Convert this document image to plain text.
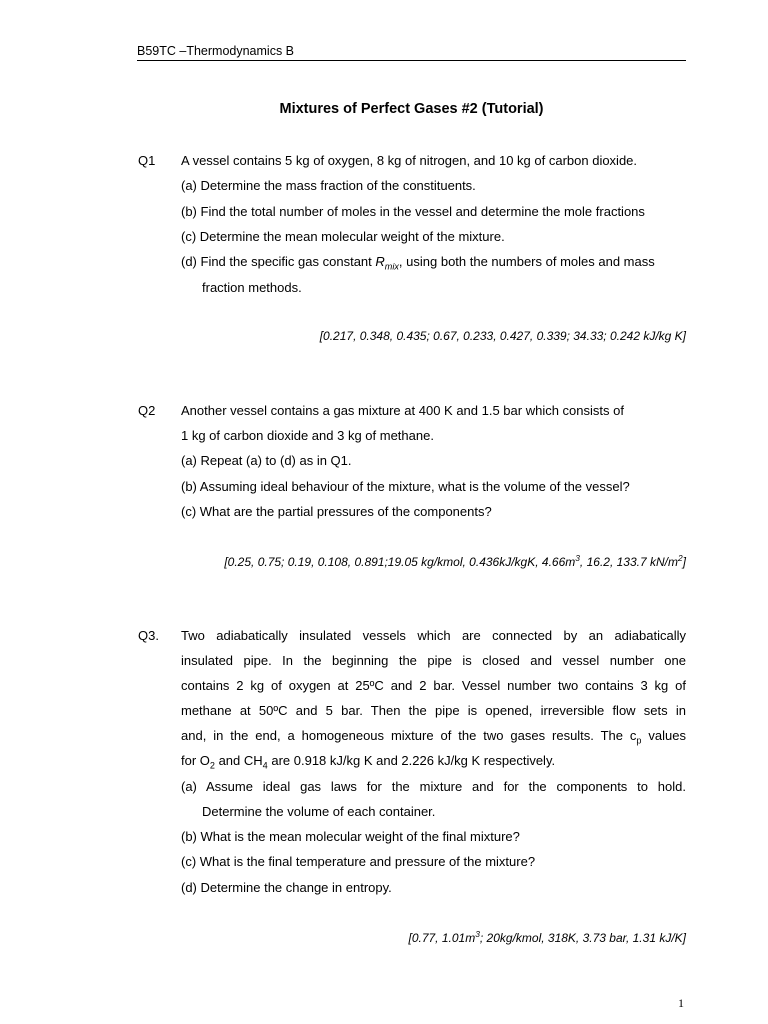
B59TC –Thermodynamics B
Mixtures of Perfect Gases #2 (Tutorial)
Q1 A vessel contains 5 kg of oxygen, 8 kg of nitrogen, and 10 kg of carbon dioxide.
(a) Determine the mass fraction of the constituents.
(b) Find the total number of moles in the vessel and determine the mole fractions
(c) Determine the mean molecular weight of the mixture.
(d) Find the specific gas constant $R_{mix}$, using both the numbers of moles and mass
fraction methods.
[0.217, 0.348, 0.435; 0.67, 0.233, 0.427, 0.339; 34.33; 0.242 kJ/kg K]
Q2 Another vessel contains a gas mixture at 400 K and 1.5 bar which consists of
1 kg of carbon dioxide and 3 kg of methane.
(a) Repeat (a) to (d) as in Q1.
(b) Assuming ideal behaviour of the mixture, what is the volume of the vessel?
(c) What are the partial pressures of the components?
[0.25, 0.75; 0.19, 0.108, 0.891;19.05 kg/kmol, 0.436kJ/kgK, $4.66m^3$, 16.2, 133.7 $kN/m^2$]
Q3. Two adiabatically insulated vessels which are connected by an adiabatically
insulated pipe. In the beginning the pipe is closed and vessel number one
contains 2 kg of oxygen at 25ºC and 2 bar. Vessel number two contains 3 kg of
methane at 50ºC and 5 bar. Then the pipe is opened, irreversible flow sets in
and, in the end, a homogeneous mixture of the two gases results. The $c_p$ values
for $O_2$ and $CH_4$ are 0.918 kJ/kg K and 2.226 kJ/kg K respectively.
(a) Assume ideal gas laws for the mixture and for the components to hold.
Determine the volume of each container.
(b) What is the mean molecular weight of the final mixture?
(c) What is the final temperature and pressure of the mixture?
(d) Determine the change in entropy.
[0.77, $1.01m^3$; 20kg/kmol, 318K, 3.73 bar, 1.31 kJ/K]
1
